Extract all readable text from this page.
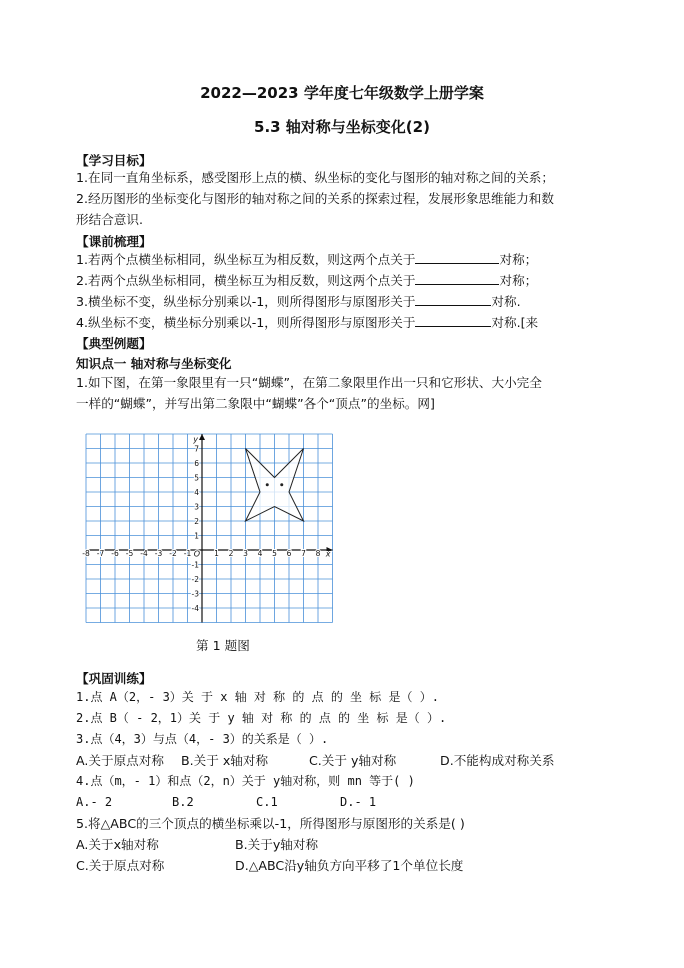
2022—2023 学年度七年级数学上册学案
5.3 轴对称与坐标变化(2)
【学习目标】
1.在同一直角坐标系，感受图形上点的横、纵坐标的变化与图形的轴对称之间的关系；
2.经历图形的坐标变化与图形的轴对称之间的关系的探索过程，发展形象思维能力和数
形结合意识.
【课前梳理】
1.若两个点横坐标相同，纵坐标互为相反数，则这两个点关于	对称；
2.若两个点纵坐标相同，横坐标互为相反数，则这两个点关于	对称；
3.横坐标不变，纵坐标分别乘以-1，则所得图形与原图形关于	对称.
4.纵坐标不变，横坐标分别乘以-1，则所得图形与原图形关于	对称.[来
【典型例题】
知识点一 轴对称与坐标变化
1.如下图，在第一象限里有一只“蝴蝶”，在第二象限里作出一只和它形状、大小完全
一样的“蝴蝶”，并写出第二象限中“蝴蝶”各个“顶点”的坐标。网]
-8 -7 -6 -5 -4 -3 -2 -1	1 2 3 4 5 6 7 8
7
6
5
4
3
2
1
-1
-2
-3
-4
x
y
O
第 1 题图
【巩固训练】
1.点 A（2，- 3）关 于 x 轴 对 称 的 点 的 坐 标 是（ ）.
2.点 B（ - 2，1）关 于 y 轴 对 称 的 点 的 坐 标 是（ ）.
3.点（4，3）与点（4，- 3）的关系是（ ）.
A.关于原点对称 B.关于 x轴对称	C.关于 y轴对称	D.不能构成对称关系
4.点（m，- 1）和点（2，n）关于 y轴对称，则 mn 等于( )
A.- 2	B.2	C.1	D.- 1
5.将△ABC的三个顶点的横坐标乘以-1，所得图形与原图形的关系是( )
A.关于x轴对称	B.关于y轴对称
C.关于原点对称	D.△ABC沿y轴负方向平移了1个单位长度
